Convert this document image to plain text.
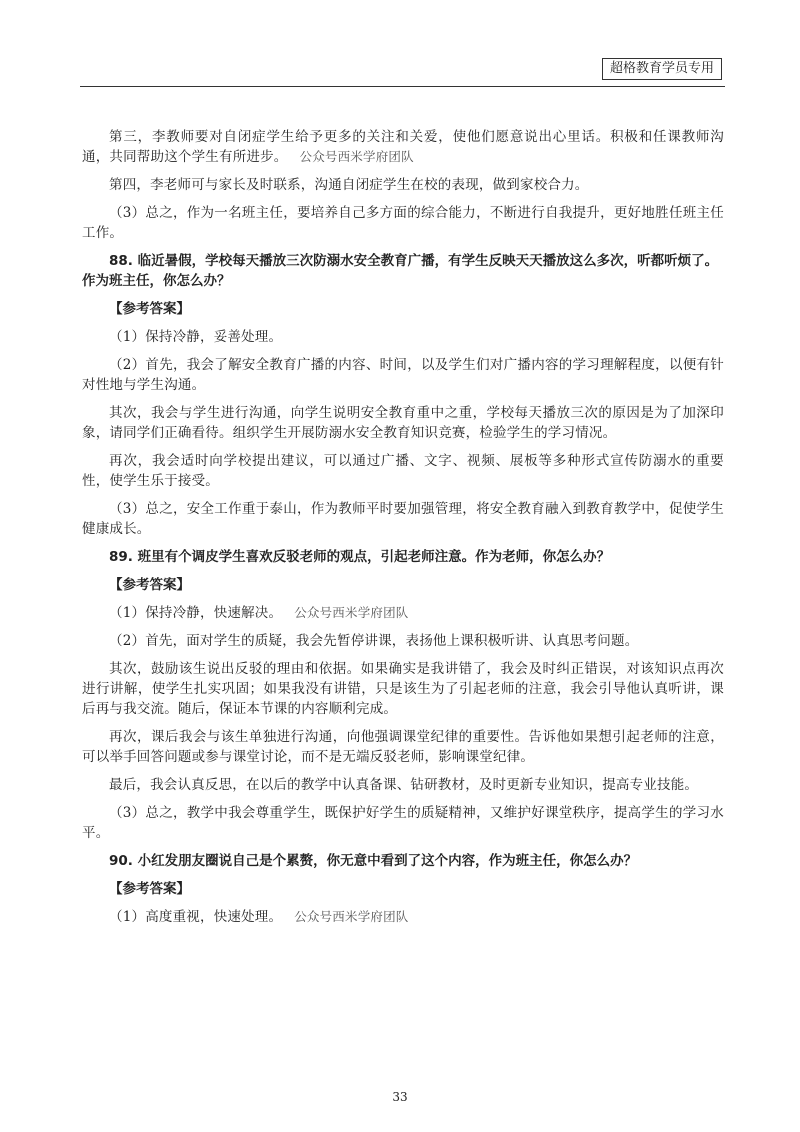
超格教育学员专用

第三，李教师要对自闭症学生给予更多的关注和关爱，使他们愿意说出心里话。积极和任课教师沟通，共同帮助这个学生有所进步。 公众号西米学府团队

第四，李老师可与家长及时联系，沟通自闭症学生在校的表现，做到家校合力。

（3）总之，作为一名班主任，要培养自己多方面的综合能力，不断进行自我提升，更好地胜任班主任工作。

88. 临近暑假，学校每天播放三次防溺水安全教育广播，有学生反映天天播放这么多次，听都听烦了。作为班主任，你怎么办？

【参考答案】

（1）保持冷静，妥善处理。

（2）首先，我会了解安全教育广播的内容、时间，以及学生们对广播内容的学习理解程度，以便有针对性地与学生沟通。

其次，我会与学生进行沟通，向学生说明安全教育重中之重，学校每天播放三次的原因是为了加深印象，请同学们正确看待。组织学生开展防溺水安全教育知识竞赛，检验学生的学习情况。

再次，我会适时向学校提出建议，可以通过广播、文字、视频、展板等多种形式宣传防溺水的重要性，使学生乐于接受。

（3）总之，安全工作重于泰山，作为教师平时要加强管理，将安全教育融入到教育教学中，促使学生健康成长。

89. 班里有个调皮学生喜欢反驳老师的观点，引起老师注意。作为老师，你怎么办？

【参考答案】

（1）保持冷静，快速解决。 公众号西米学府团队

（2）首先，面对学生的质疑，我会先暂停讲课，表扬他上课积极听讲、认真思考问题。

其次，鼓励该生说出反驳的理由和依据。如果确实是我讲错了，我会及时纠正错误，对该知识点再次进行讲解，使学生扎实巩固；如果我没有讲错，只是该生为了引起老师的注意，我会引导他认真听讲，课后再与我交流。随后，保证本节课的内容顺利完成。

再次，课后我会与该生单独进行沟通，向他强调课堂纪律的重要性。告诉他如果想引起老师的注意，可以举手回答问题或参与课堂讨论，而不是无端反驳老师，影响课堂纪律。

最后，我会认真反思，在以后的教学中认真备课、钻研教材，及时更新专业知识，提高专业技能。

（3）总之，教学中我会尊重学生，既保护好学生的质疑精神，又维护好课堂秩序，提高学生的学习水平。

90. 小红发朋友圈说自己是个累赘，你无意中看到了这个内容，作为班主任，你怎么办？

【参考答案】

（1）高度重视，快速处理。 公众号西米学府团队

33
